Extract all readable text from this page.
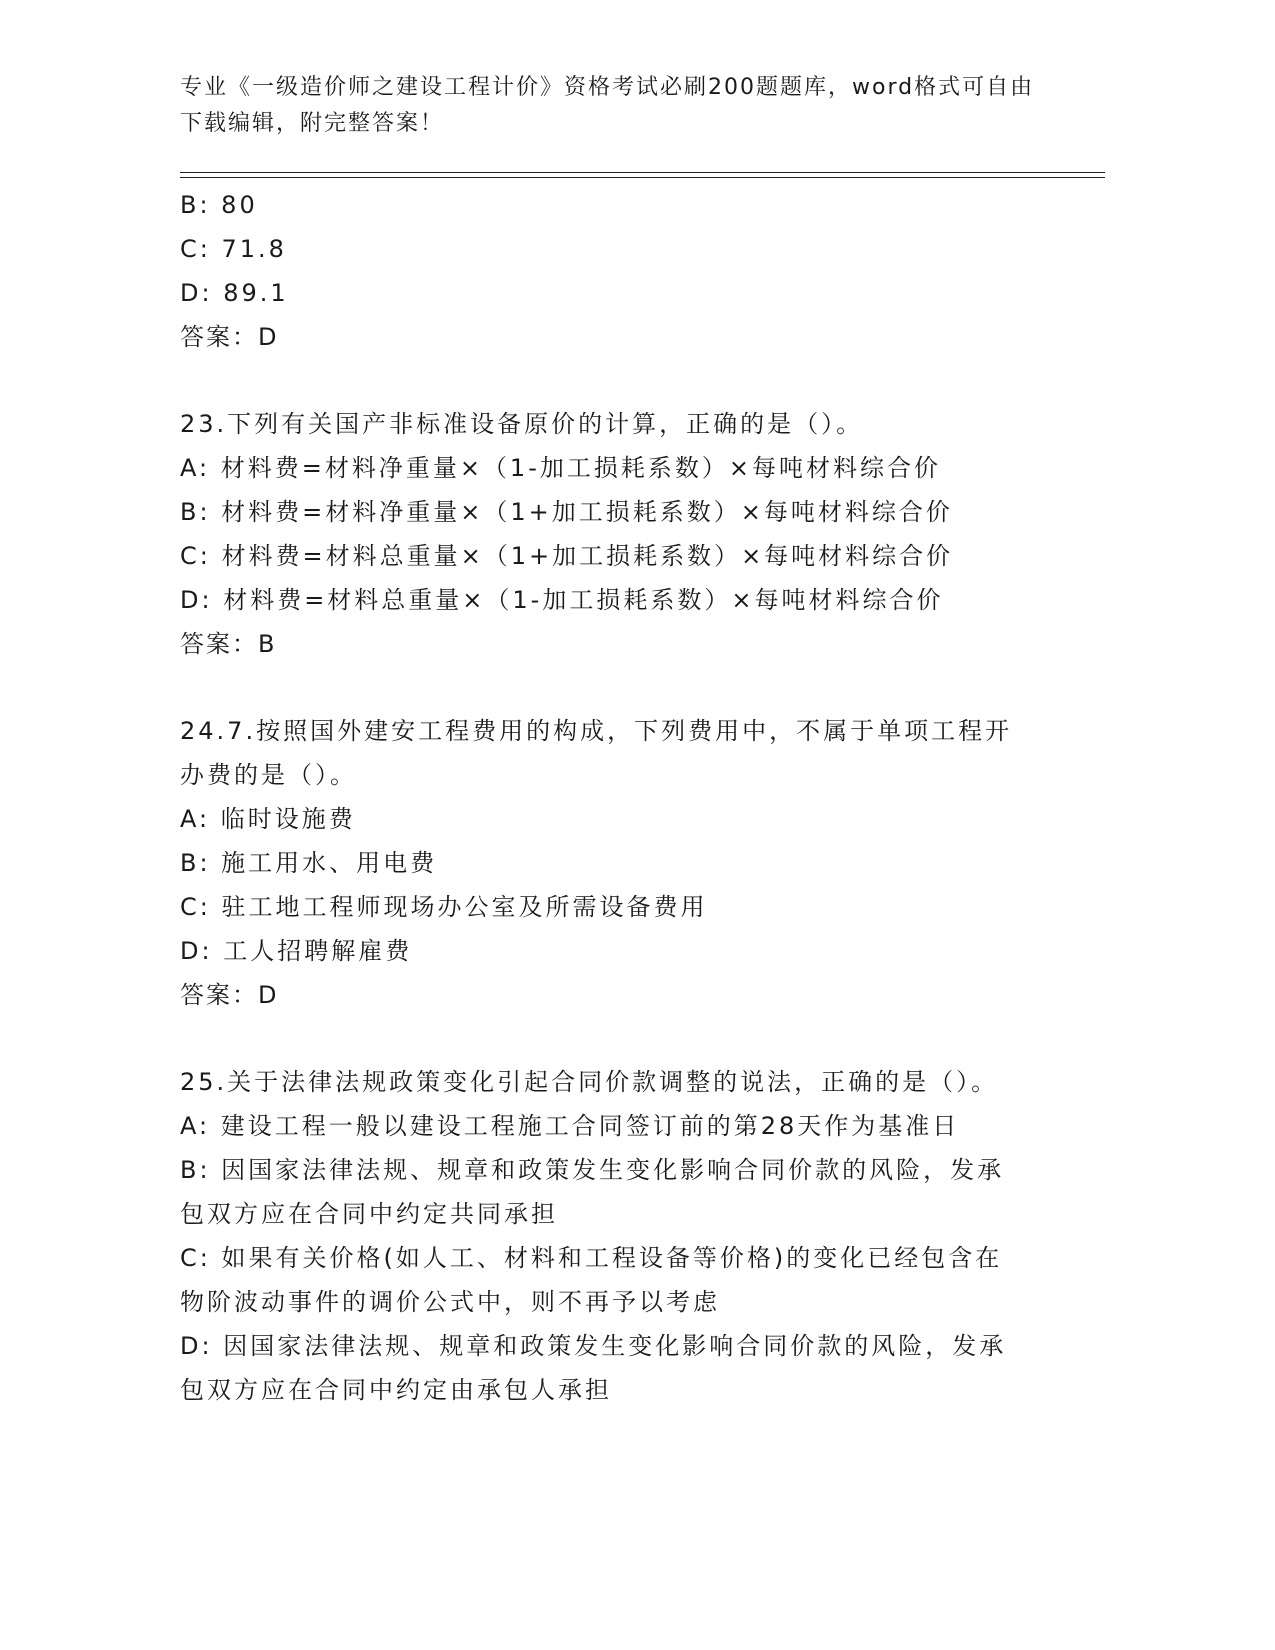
专业《一级造价师之建设工程计价》资格考试必刷200题题库，word格式可自由
下载编辑，附完整答案！
B: 80
C: 71.8
D: 89.1
答案：D
23.下列有关国产非标准设备原价的计算，正确的是（）。
A: 材料费=材料净重量×（1-加工损耗系数）×每吨材料综合价
B: 材料费=材料净重量×（1+加工损耗系数）×每吨材料综合价
C: 材料费=材料总重量×（1+加工损耗系数）×每吨材料综合价
D: 材料费=材料总重量×（1-加工损耗系数）×每吨材料综合价
答案：B
24.7.按照国外建安工程费用的构成，下列费用中，不属于单项工程开
办费的是（）。
A: 临时设施费
B: 施工用水、用电费
C: 驻工地工程师现场办公室及所需设备费用
D: 工人招聘解雇费
答案：D
25.关于法律法规政策变化引起合同价款调整的说法，正确的是（）。
A: 建设工程一般以建设工程施工合同签订前的第28天作为基准日
B: 因国家法律法规、规章和政策发生变化影响合同价款的风险，发承
包双方应在合同中约定共同承担
C: 如果有关价格(如人工、材料和工程设备等价格)的变化已经包含在
物阶波动事件的调价公式中，则不再予以考虑
D: 因国家法律法规、规章和政策发生变化影响合同价款的风险，发承
包双方应在合同中约定由承包人承担
